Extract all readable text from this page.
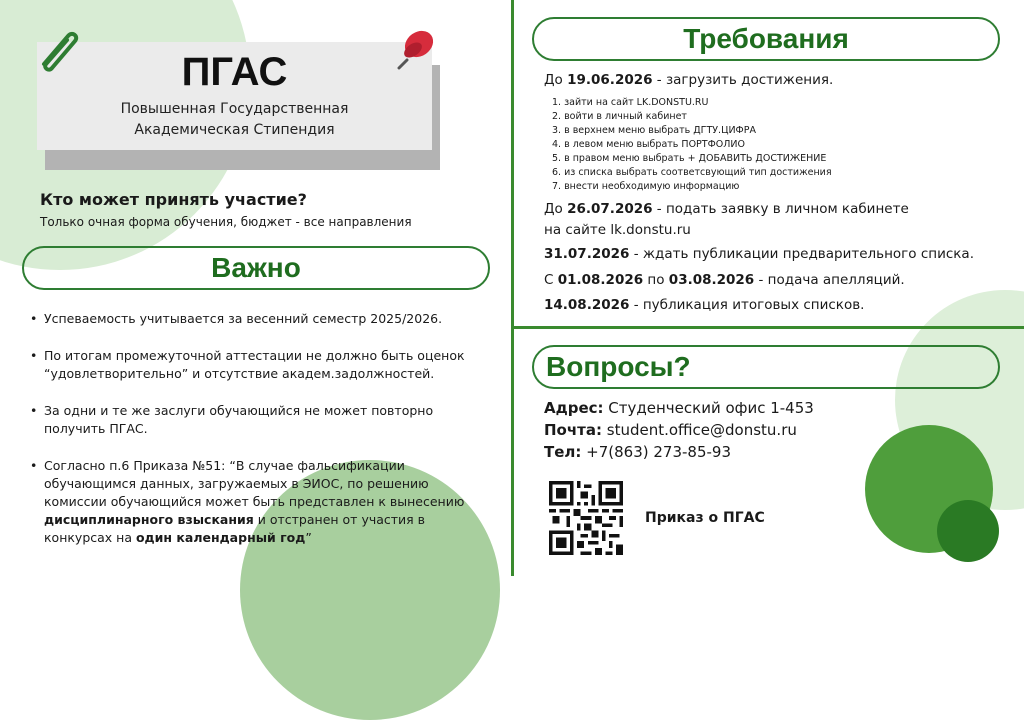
ПГАС
Повышенная Государственная
Академическая Стипендия
Кто может принять участие?
Только очная форма обучения, бюджет - все направления
Важно
• Успеваемость учитывается за весенний семестр 2025/2026.
• По итогам промежуточной аттестации не должно быть оценок “удовлетворительно” и отсутствие академ.задолжностей.
• За одни и те же заслуги обучающийся не может повторно получить ПГАС.
• Согласно п.6 Приказа №51: “В случае фальсификации обучающимся данных, загружаемых в ЭИОС, по решению комиссии обучающийся может быть представлен к вынесению дисциплинарного взыскания и отстранен от участия в конкурсах на один календарный год”
Требования
До 19.06.2026 - загрузить достижения.
1. зайти на сайт LK.DONSTU.RU
2. войти в личный кабинет
3. в верхнем меню выбрать ДГТУ.ЦИФРА
4. в левом меню выбрать ПОРТФОЛИО
5. в правом меню выбрать + ДОБАВИТЬ ДОСТИЖЕНИЕ
6. из списка выбрать соответсвующий тип достижения
7. внести необходимую информацию
До 26.07.2026 - подать заявку в личном кабинете
на сайте lk.donstu.ru
31.07.2026 - ждать публикации предварительного списка.
С 01.08.2026 по 03.08.2026 - подача апелляций.
14.08.2026 - публикация итоговых списков.
Вопросы?
Адрес: Студенческий офис 1-453
Почта: student.office@donstu.ru
Тел: +7(863) 273-85-93
Приказ о ПГАС
